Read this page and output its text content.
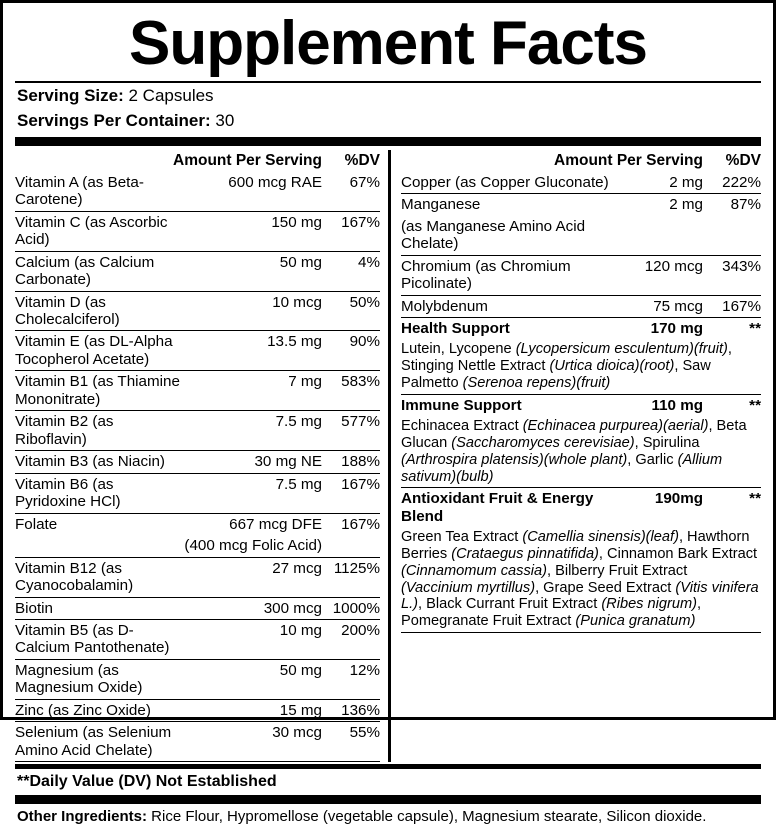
Supplement Facts
Serving Size: 2 Capsules
Servings Per Container: 30
Amount Per Serving		%DV
Vitamin A (as Beta-Carotene)	600 mcg RAE	67%
Vitamin C (as Ascorbic Acid)	150 mg	167%
Calcium (as Calcium Carbonate)	50 mg	4%
Vitamin D (as Cholecalciferol)	10 mcg	50%
Vitamin E (as DL-Alpha Tocopherol Acetate)	13.5 mg	90%
Vitamin B1 (as Thiamine Mononitrate)	7 mg	583%
Vitamin B2 (as Riboflavin)	7.5 mg	577%
Vitamin B3 (as Niacin)	30 mg NE	188%
Vitamin B6 (as Pyridoxine HCl)	7.5 mg	167%
Folate	667 mcg DFE	167%
	(400 mcg Folic Acid)	
Vitamin B12 (as Cyanocobalamin)	27 mcg	1125%
Biotin	300 mcg	1000%
Vitamin B5 (as D-Calcium Pantothenate)	10 mg	200%
Magnesium (as Magnesium Oxide)	50 mg	12%
Zinc (as Zinc Oxide)	15 mg	136%
Selenium (as Selenium Amino Acid Chelate)	30 mcg	55%
Amount Per Serving		%DV
Copper (as Copper Gluconate)	2 mg	222%
Manganese	2 mg	87%
(as Manganese Amino Acid Chelate)		
Chromium (as Chromium Picolinate)	120 mcg	343%
Molybdenum	75 mcg	167%
Health Support	170 mg	**
Lutein, Lycopene (Lycopersicum esculentum)(fruit), Stinging Nettle Extract (Urtica dioica)(root), Saw Palmetto (Serenoa repens)(fruit)		
Immune Support	110 mg	**
Echinacea Extract (Echinacea purpurea)(aerial), Beta Glucan (Saccharomyces cerevisiae), Spirulina (Arthrospira platensis)(whole plant), Garlic (Allium sativum)(bulb)		
Antioxidant Fruit & Energy Blend	190mg	**
Green Tea Extract (Camellia sinensis)(leaf), Hawthorn Berries (Crataegus pinnatifida), Cinnamon Bark Extract (Cinnamomum cassia), Bilberry Fruit Extract (Vaccinium myrtillus), Grape Seed Extract (Vitis vinifera L.), Black Currant Fruit Extract (Ribes nigrum), Pomegranate Fruit Extract (Punica granatum)		
**Daily Value (DV) Not Established
Other Ingredients: Rice Flour, Hypromellose (vegetable capsule), Magnesium stearate, Silicon dioxide.
